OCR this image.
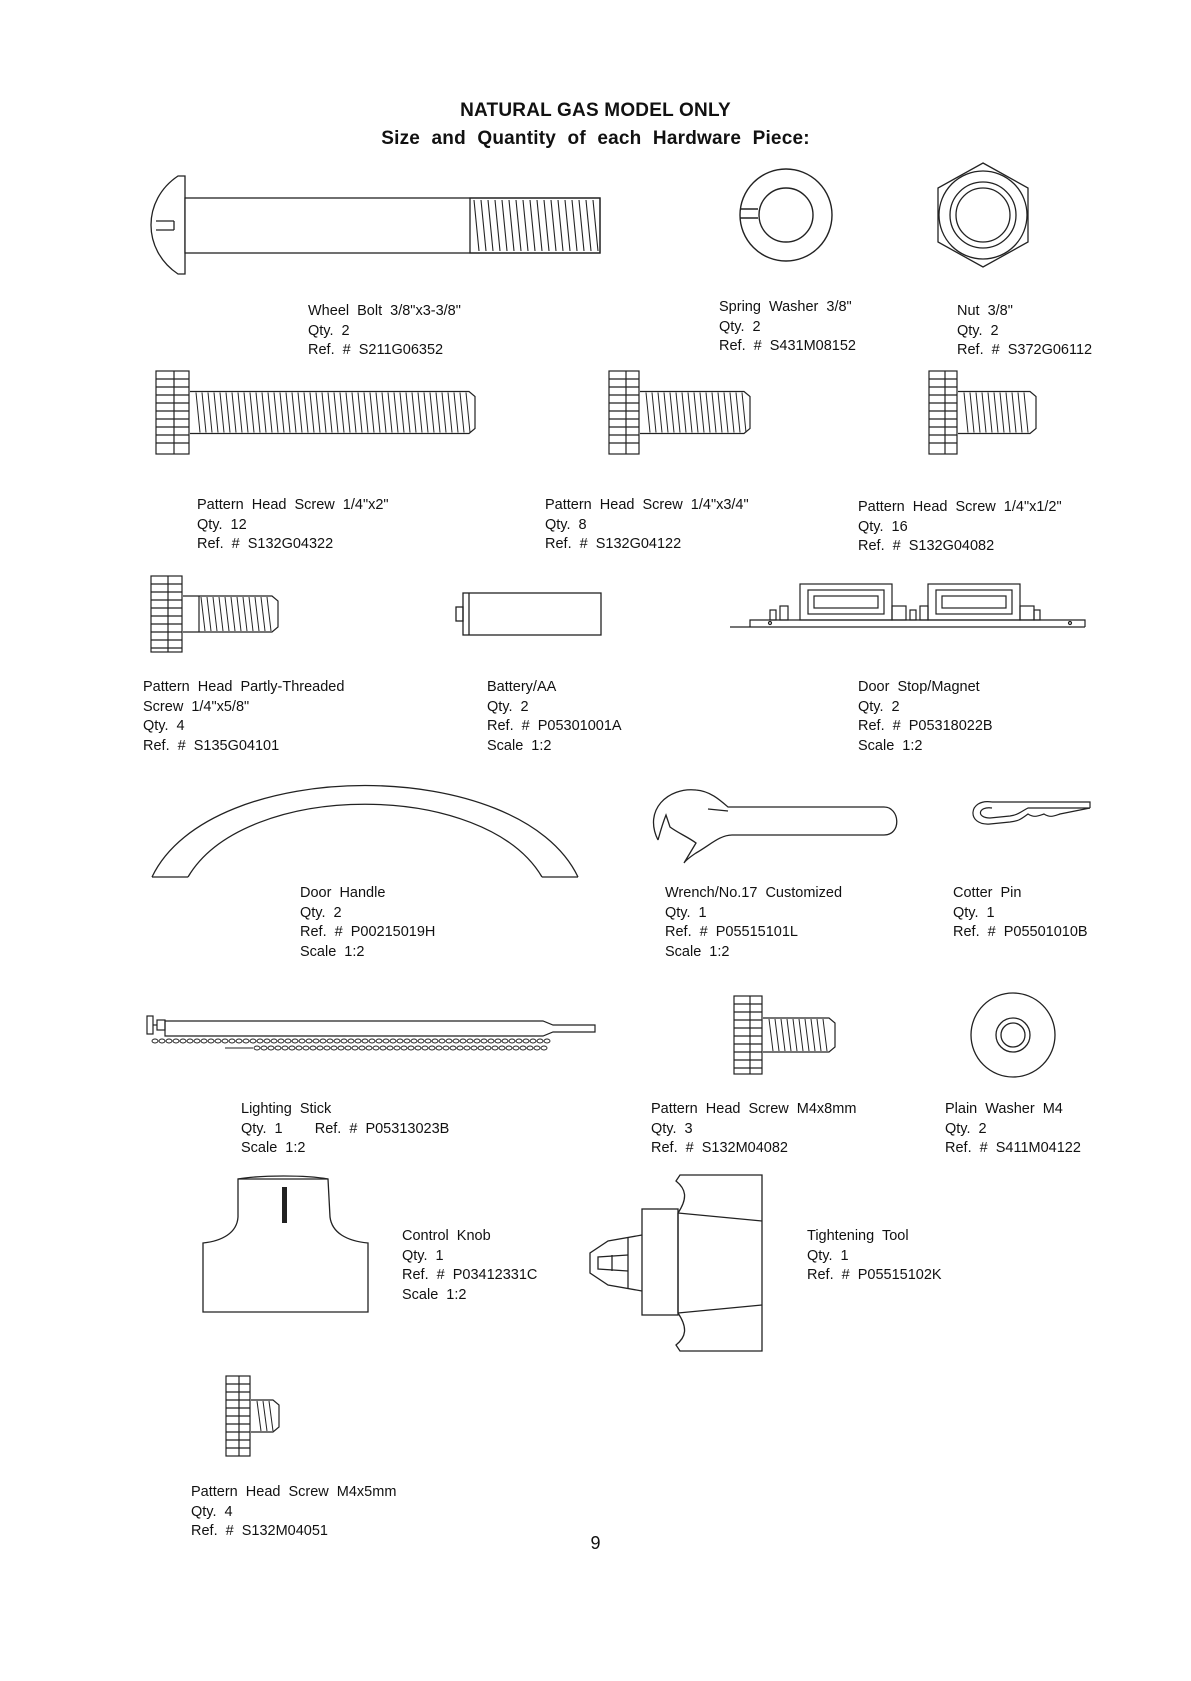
NATURAL GAS MODEL ONLY
Size and Quantity of each Hardware Piece:
Wheel Bolt 3/8"x3-3/8"
Qty. 2
Ref. # S211G06352
Spring Washer 3/8"
Qty. 2
Ref. # S431M08152
Nut 3/8"
Qty. 2
Ref. # S372G06112
Pattern Head Screw 1/4"x2"
Qty. 12
Ref. # S132G04322
Pattern Head Screw 1/4"x3/4"
Qty. 8
Ref. # S132G04122
Pattern Head Screw 1/4"x1/2"
Qty. 16
Ref. # S132G04082
Pattern Head Partly-Threaded
Screw 1/4"x5/8"
Qty. 4
Ref. # S135G04101
Battery/AA
Qty. 2
Ref. # P05301001A
Scale 1:2
Door Stop/Magnet
Qty. 2
Ref. # P05318022B
Scale 1:2
Door Handle
Qty. 2
Ref. # P00215019H
Scale 1:2
Wrench/No.17 Customized
Qty. 1
Ref. # P05515101L
Scale 1:2
Cotter Pin
Qty. 1
Ref. # P05501010B
Lighting Stick
Qty. 1 Ref. # P05313023B
Scale 1:2
Pattern Head Screw M4x8mm
Qty. 3
Ref. # S132M04082
Plain Washer M4
Qty. 2
Ref. # S411M04122
Control Knob
Qty. 1
Ref. # P03412331C
Scale 1:2
Tightening Tool
Qty. 1
Ref. # P05515102K
Pattern Head Screw M4x5mm
Qty. 4
Ref. # S132M04051
9
